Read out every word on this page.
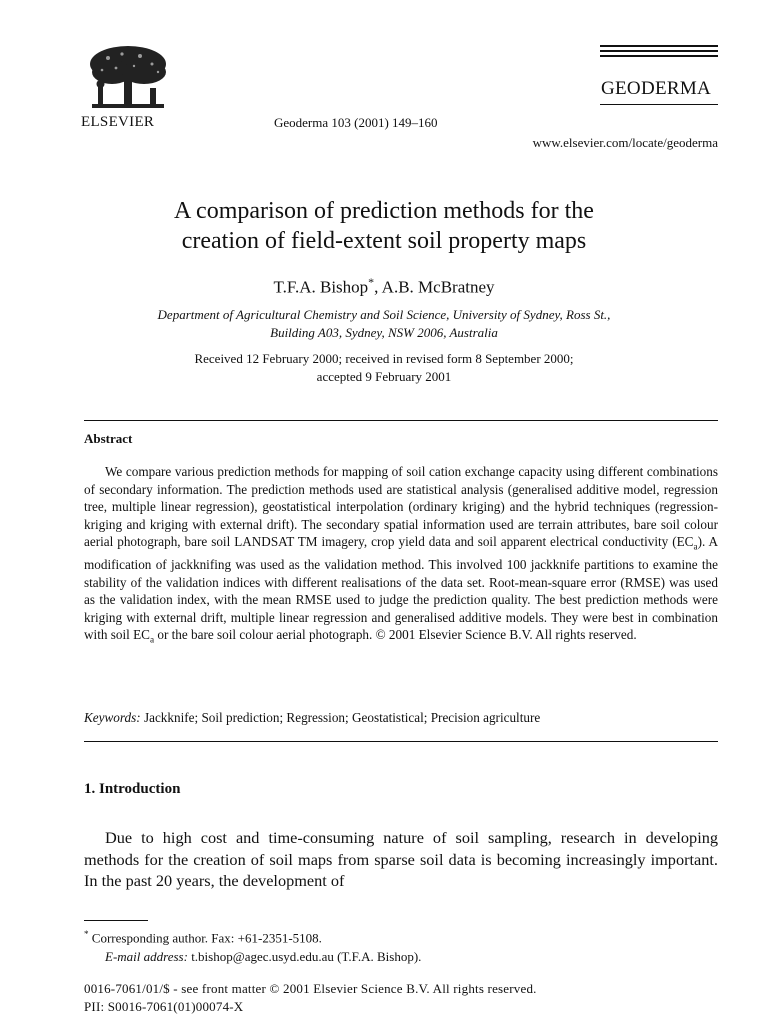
ELSEVIER	Geoderma 103 (2001) 149–160
GEODERMA
www.elsevier.com/locate/geoderma
A comparison of prediction methods for the
creation of field-extent soil property maps
T.F.A. Bishop*, A.B. McBratney
Department of Agricultural Chemistry and Soil Science, University of Sydney, Ross St.,
Building A03, Sydney, NSW 2006, Australia
Received 12 February 2000; received in revised form 8 September 2000;
accepted 9 February 2001
Abstract
We compare various prediction methods for mapping of soil cation exchange capacity using different combinations of secondary information. The prediction methods used are statistical analysis (generalised additive model, regression tree, multiple linear regression), geostatistical interpolation (ordinary kriging) and the hybrid techniques (regression-kriging and kriging with external drift). The secondary spatial information used are terrain attributes, bare soil colour aerial photograph, bare soil LANDSAT TM imagery, crop yield data and soil apparent electrical conductivity $(EC_a)$. A modification of jackknifing was used as the validation method. This involved 100 jackknife partitions to examine the stability of the validation indices with different realisations of the data set. Root-mean-square error (RMSE) was used as the validation index, with the mean RMSE used to judge the prediction quality. The best prediction methods were kriging with external drift, multiple linear regression and generalised additive models. They were best in combination with soil $EC_a$ or the bare soil colour aerial photograph. © 2001 Elsevier Science B.V. All rights reserved.
Keywords: Jackknife; Soil prediction; Regression; Geostatistical; Precision agriculture
1. Introduction
Due to high cost and time-consuming nature of soil sampling, research in developing methods for the creation of soil maps from sparse soil data is becoming increasingly important. In the past 20 years, the development of
* Corresponding author. Fax: +61-2351-5108.
E-mail address: t.bishop@agec.usyd.edu.au (T.F.A. Bishop).
0016-7061/01/$ - see front matter © 2001 Elsevier Science B.V. All rights reserved.
PII: S0016-7061(01)00074-X
